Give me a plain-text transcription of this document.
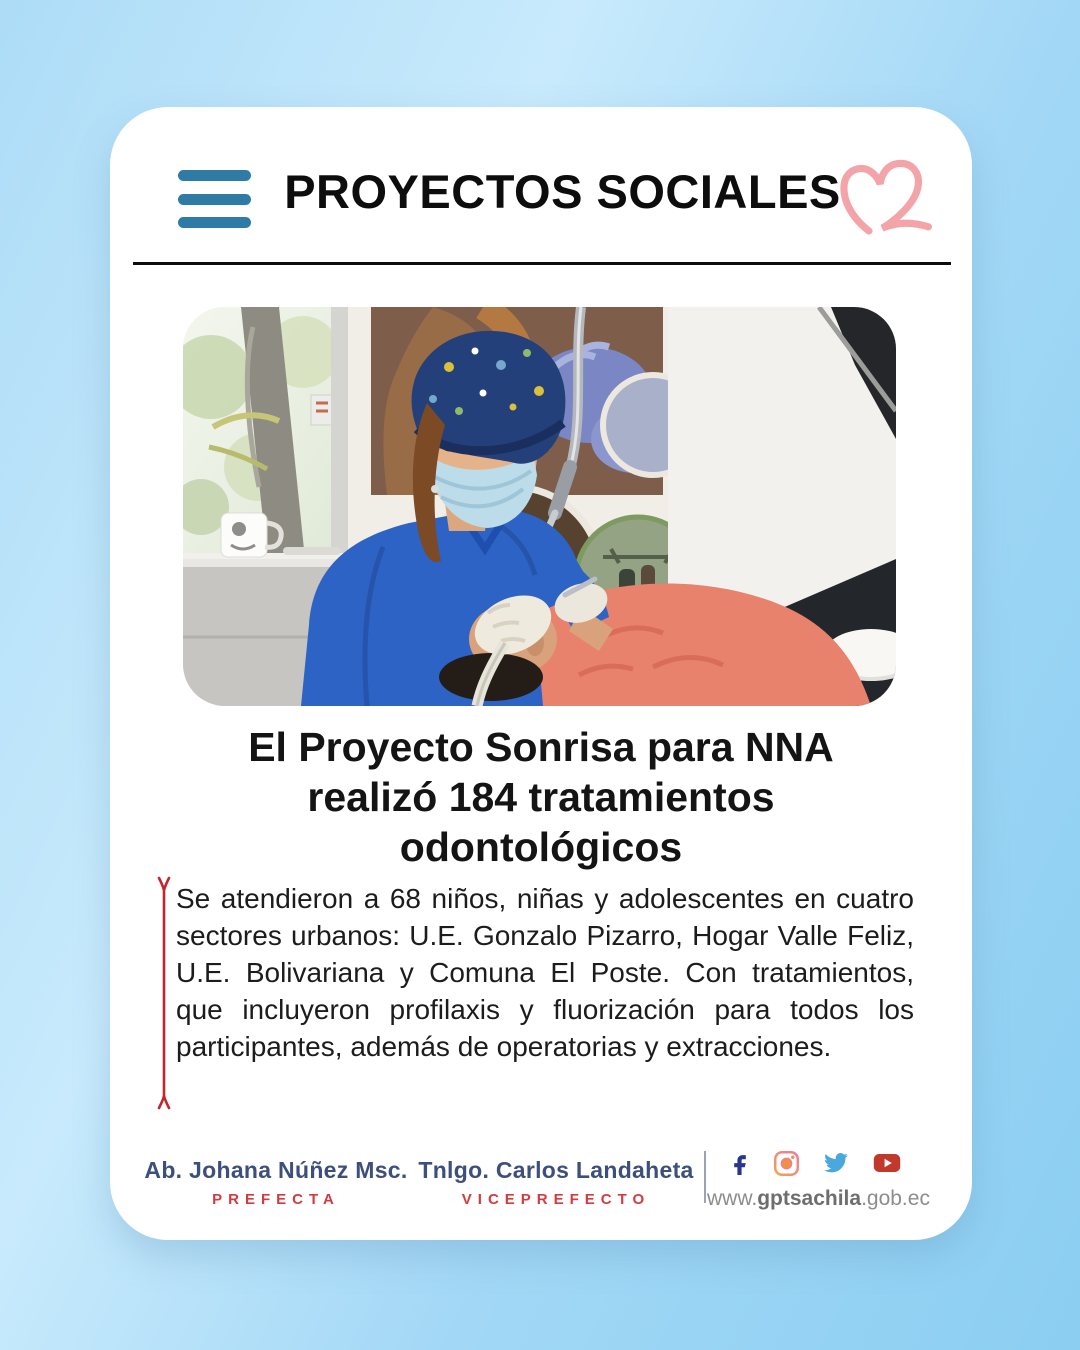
PROYECTOS SOCIALES
El Proyecto Sonrisa para NNA
realizó 184 tratamientos
odontológicos

Se atendieron a 68 niños, niñas y adolescentes en cuatro sectores urbanos: U.E. Gonzalo Pizarro, Hogar Valle Feliz, U.E. Bolivariana y Comuna El Poste. Con tratamientos, que incluyeron profilaxis y fluorización para todos los participantes, además de operatorias y extracciones.

Ab. Johana Núñez Msc.
PREFECTA
Tnlgo. Carlos Landaheta
VICEPREFECTO	www.gptsachila.gob.ec
